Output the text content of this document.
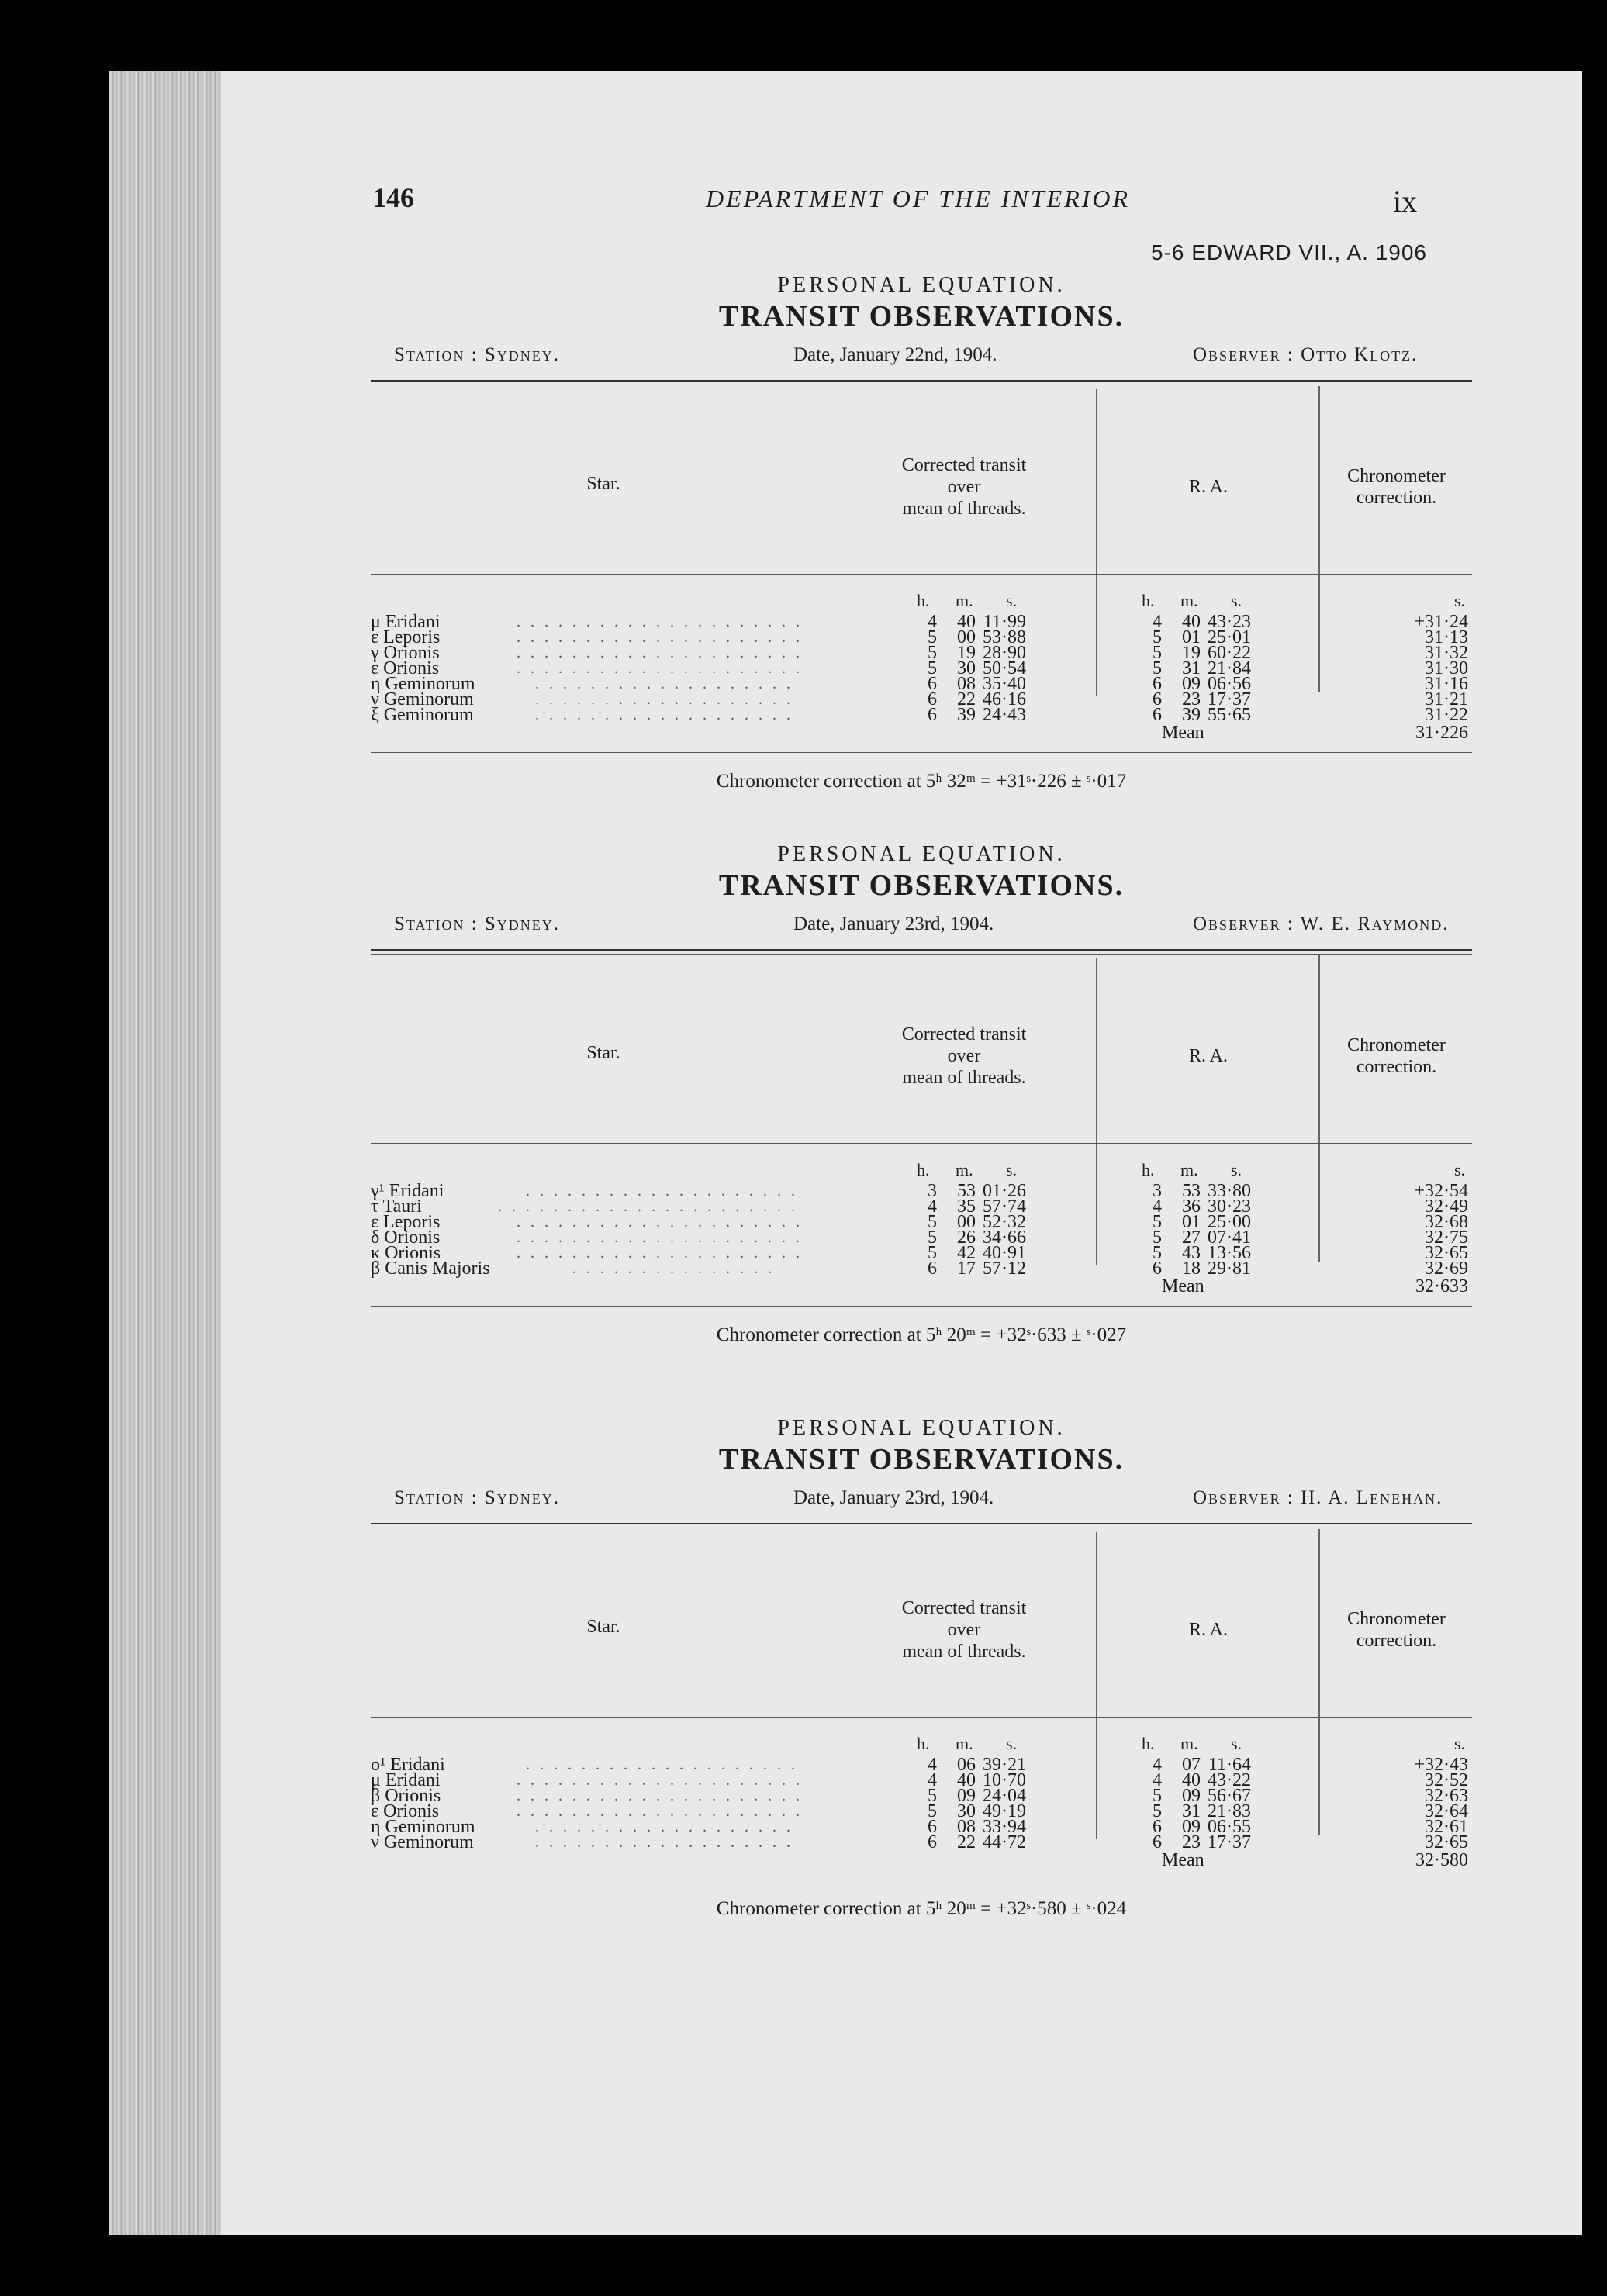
146	DEPARTMENT OF THE INTERIOR	ix
5-6 EDWARD VII., A. 1906
PERSONAL EQUATION.
TRANSIT OBSERVATIONS.
Station : Sydney.	Date, January 22nd, 1904.	Observer : Otto Klotz.
Star.
Corrected transit
over
mean of threads.
R. A.
Chronometer
correction.
h. m. s.	h. m. s.	s.
μ Eridani	. . . . . . . . . . . . . . . . . . . . .	4 40 11·99	4 40 43·23	+31·24
ε Leporis	. . . . . . . . . . . . . . . . . . . . .	5 00 53·88	5 01 25·01	31·13
γ Orionis	. . . . . . . . . . . . . . . . . . . . .	5 19 28·90	5 19 60·22	31·32
ε Orionis	. . . . . . . . . . . . . . . . . . . . .	5 30 50·54	5 31 21·84	31·30
η Geminorum	. . . . . . . . . . . . . . . . . . .	6 08 35·40	6 09 06·56	31·16
ν Geminorum	. . . . . . . . . . . . . . . . . . .	6 22 46·16	6 23 17·37	31·21
ξ Geminorum	. . . . . . . . . . . . . . . . . . .	6 39 24·43	6 39 55·65	31·22
Mean	31·226
Chronometer correction at 5ʰ 32ᵐ = +31ˢ·226 ± ˢ·017
PERSONAL EQUATION.
TRANSIT OBSERVATIONS.
Station : Sydney.	Date, January 23rd, 1904.	Observer : W. E. Raymond.
Star.
Corrected transit
over
mean of threads.
R. A.
Chronometer
correction.
h. m. s.	h. m. s.	s.
γ¹ Eridani	. . . . . . . . . . . . . . . . . . . .	3 53 01·26	3 53 33·80	+32·54
τ Tauri	. . . . . . . . . . . . . . . . . . . . . .	4 35 57·74	4 36 30·23	32·49
ε Leporis	. . . . . . . . . . . . . . . . . . . . .	5 00 52·32	5 01 25·00	32·68
δ Orionis	. . . . . . . . . . . . . . . . . . . . .	5 26 34·66	5 27 07·41	32·75
κ Orionis	. . . . . . . . . . . . . . . . . . . . .	5 42 40·91	5 43 13·56	32·65
β Canis Majoris	. . . . . . . . . . . . . . .	6 17 57·12	6 18 29·81	32·69
Mean	32·633
Chronometer correction at 5ʰ 20ᵐ = +32ˢ·633 ± ˢ·027
PERSONAL EQUATION.
TRANSIT OBSERVATIONS.
Station : Sydney.	Date, January 23rd, 1904.	Observer : H. A. Lenehan.
Star.
Corrected transit
over
mean of threads.
R. A.
Chronometer
correction.
h. m. s.	h. m. s.	s.
o¹ Eridani	. . . . . . . . . . . . . . . . . . . .	4 06 39·21	4 07 11·64	+32·43
μ Eridani	. . . . . . . . . . . . . . . . . . . . .	4 40 10·70	4 40 43·22	32·52
β Orionis	. . . . . . . . . . . . . . . . . . . . .	5 09 24·04	5 09 56·67	32·63
ε Orionis	. . . . . . . . . . . . . . . . . . . . .	5 30 49·19	5 31 21·83	32·64
η Geminorum	. . . . . . . . . . . . . . . . . . .	6 08 33·94	6 09 06·55	32·61
ν Geminorum	. . . . . . . . . . . . . . . . . . .	6 22 44·72	6 23 17·37	32·65
Mean	32·580
Chronometer correction at 5ʰ 20ᵐ = +32ˢ·580 ± ˢ·024
